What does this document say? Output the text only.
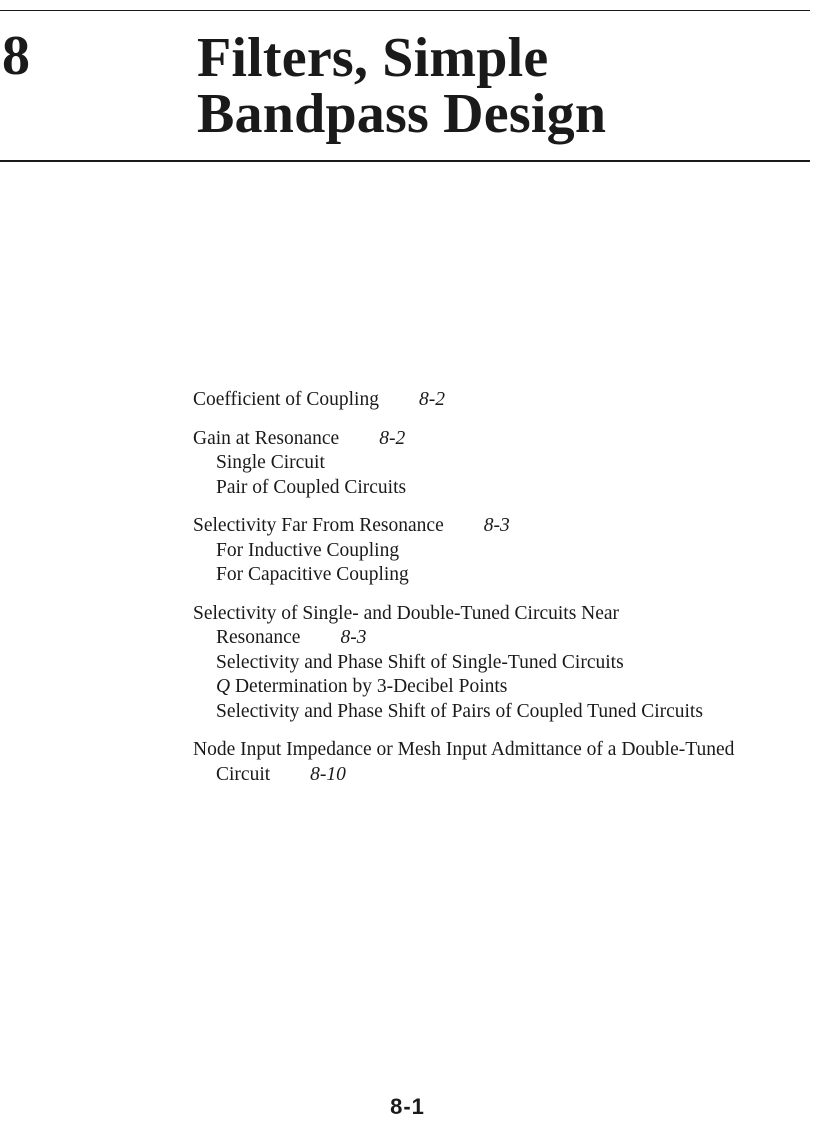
8	Filters, Simple
Bandpass Design
Coefficient of Coupling 8-2
Gain at Resonance 8-2
Single Circuit
Pair of Coupled Circuits
Selectivity Far From Resonance 8-3
For Inductive Coupling
For Capacitive Coupling
Selectivity of Single- and Double-Tuned Circuits Near
Resonance 8-3
Selectivity and Phase Shift of Single-Tuned Circuits
Q Determination by 3-Decibel Points
Selectivity and Phase Shift of Pairs of Coupled Tuned Circuits
Node Input Impedance or Mesh Input Admittance of a Double-Tuned
Circuit 8-10
8-1
